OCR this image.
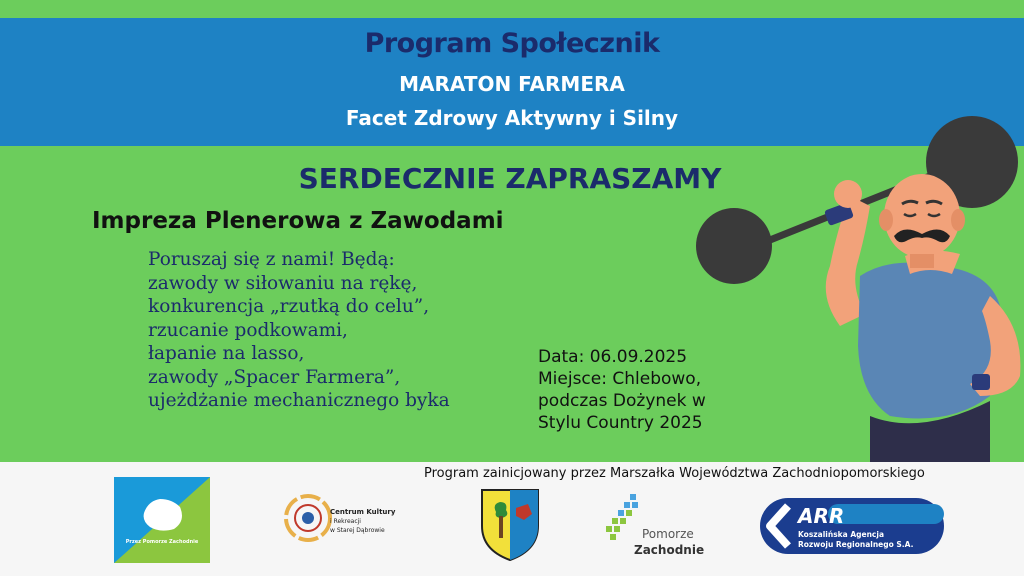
Program Społecznik
MARATON FARMERA
Facet Zdrowy Aktywny i Silny
SERDECZNIE ZAPRASZAMY
Impreza Plenerowa z Zawodami
Poruszaj się z nami! Będą:
zawody w siłowaniu na rękę,
konkurencja „rzutką do celu”,
rzucanie podkowami,
łapanie na lasso,
zawody „Spacer Farmera”,
ujeżdżanie mechanicznego byka
Data: 06.09.2025
Miejsce: Chlebowo,
podczas Dożynek w
Stylu Country 2025
Program zainicjowany przez Marszałka Województwa Zachodniopomorskiego
Przez Pomorze Zachodnie
Centrum Kultury
i Rekreacji
w Starej Dąbrowie	Pomorze
Zachodnie
ARR
Koszalińska Agencja
Rozwoju Regionalnego S.A.
